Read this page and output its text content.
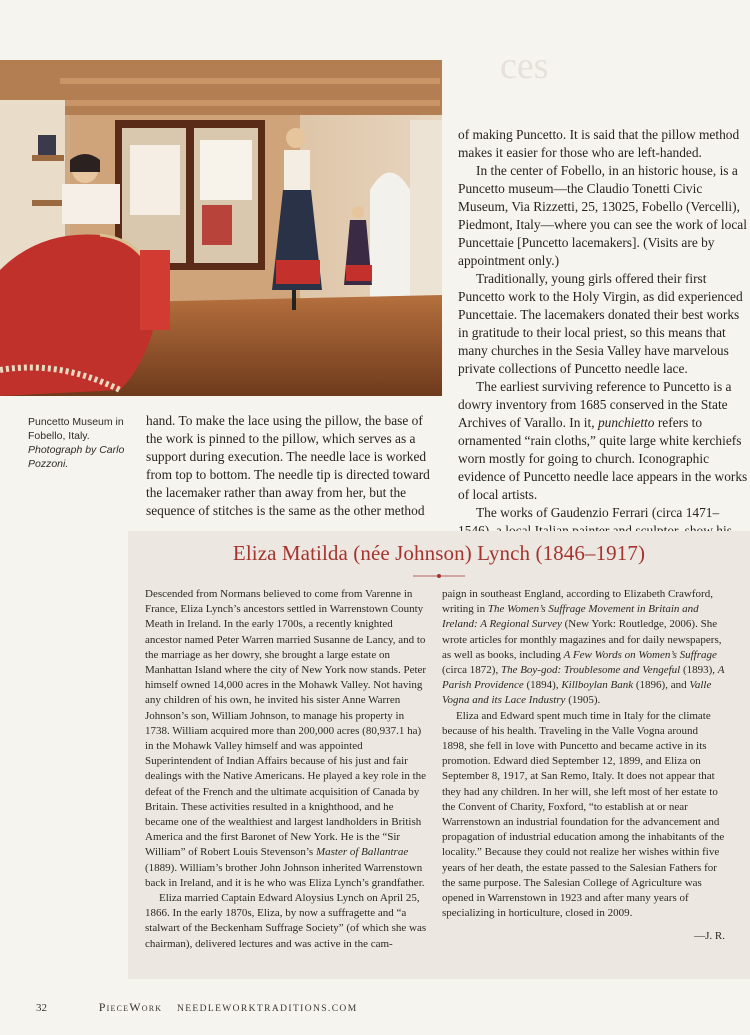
ces
Puncetto Museum in Fobello, Italy.
Photograph by Carlo Pozzoni.

hand. To make the lace using the pillow, the base of the work is pinned to the pillow, which serves as a support during execution. The needle lace is worked from top to bottom. The needle tip is directed toward the lacemaker rather than away from her, but the sequence of stitches is the same as the other method

of making Puncetto. It is said that the pillow method makes it easier for those who are left-handed.

In the center of Fobello, in an historic house, is a Puncetto museum—the Claudio Tonetti Civic Museum, Via Rizzetti, 25, 13025, Fobello (Vercelli), Piedmont, Italy—where you can see the work of local Puncettaie [Puncetto lacemakers]. (Visits are by appointment only.)

Traditionally, young girls offered their first Puncetto work to the Holy Virgin, as did experienced Puncettaie. The lacemakers donated their best works in gratitude to their local priest, so this means that many churches in the Sesia Valley have marvelous private collections of Puncetto needle lace.

The earliest surviving reference to Puncetto is a dowry inventory from 1685 conserved in the State Archives of Varallo. In it, punchietto refers to ornamented “rain cloths,” quite large white kerchiefs worn mostly for going to church. Iconographic evidence of Puncetto needle lace appears in the works of local artists.

The works of Gaudenzio Ferrari (circa 1471–

Eliza Matilda (née Johnson) Lynch (1846–1917)

Descended from Normans believed to come from Varenne in France, Eliza Lynch’s ancestors settled in Warrenstown County Meath in Ireland. In the early 1700s, a recently knighted ancestor named Peter Warren married Susanne de Lancy, and to the marriage as her dowry, she brought a large estate on Manhattan Island where the city of New York now stands. Peter himself owned 14,000 acres in the Mohawk Valley. Not having any children of his own, he invited his sister Anne Warren Johnson’s son, William Johnson, to manage his property in 1738. William acquired more than 200,000 acres (80,937.1 ha) in the Mohawk Valley himself and was appointed Superintendent of Indian Affairs because of his just and fair dealings with the Native Americans. He played a key role in the defeat of the French and the ultimate acquisition of Canada by Britain. These activities resulted in a knighthood, and he became one of the wealthiest and largest landholders in British America and the first Baronet of New York. He is the “Sir William” of Robert Louis Stevenson’s Master of Ballantrae (1889). William’s brother John Johnson inherited Warrenstown back in Ireland, and it is he who was Eliza Lynch’s grandfather.

Eliza married Captain Edward Aloysius Lynch on April 25, 1866. In the early 1870s, Eliza, by now a suffragette and “a stalwart of the Beckenham Suffrage Society” (of which she was chairman), delivered lectures and was active in the cam-

paign in southeast England, according to Elizabeth Crawford, writing in The Women’s Suffrage Movement in Britain and Ireland: A Regional Survey (New York: Routledge, 2006). She wrote articles for monthly magazines and for daily newspapers, as well as books, including A Few Words on Women’s Suffrage (circa 1872), The Boy-god: Troublesome and Vengeful (1893), A Parish Providence (1894), Killboylan Bank (1896), and Valle Vogna and its Lace Industry (1905).

Eliza and Edward spent much time in Italy for the climate because of his health. Traveling in the Valle Vogna around 1898, she fell in love with Puncetto and became active in its promotion. Edward died September 12, 1899, and Eliza on September 8, 1917, at San Remo, Italy. It does not appear that they had any children. In her will, she left most of her estate to the Convent of Charity, Foxford, “to establish at or near Warrenstown an industrial foundation for the advancement and propagation of industrial education among the inhabitants of the locality.” Because they could not realize her wishes within five years of her death, the estate passed to the Salesian Fathers for the same purpose. The Salesian College of Agriculture was opened in Warrenstown in 1923 and after many years of specializing in horticulture, closed in 2009.

—J. R.

32	PieceWork NEEDLEWORKTRADITIONS.COM
